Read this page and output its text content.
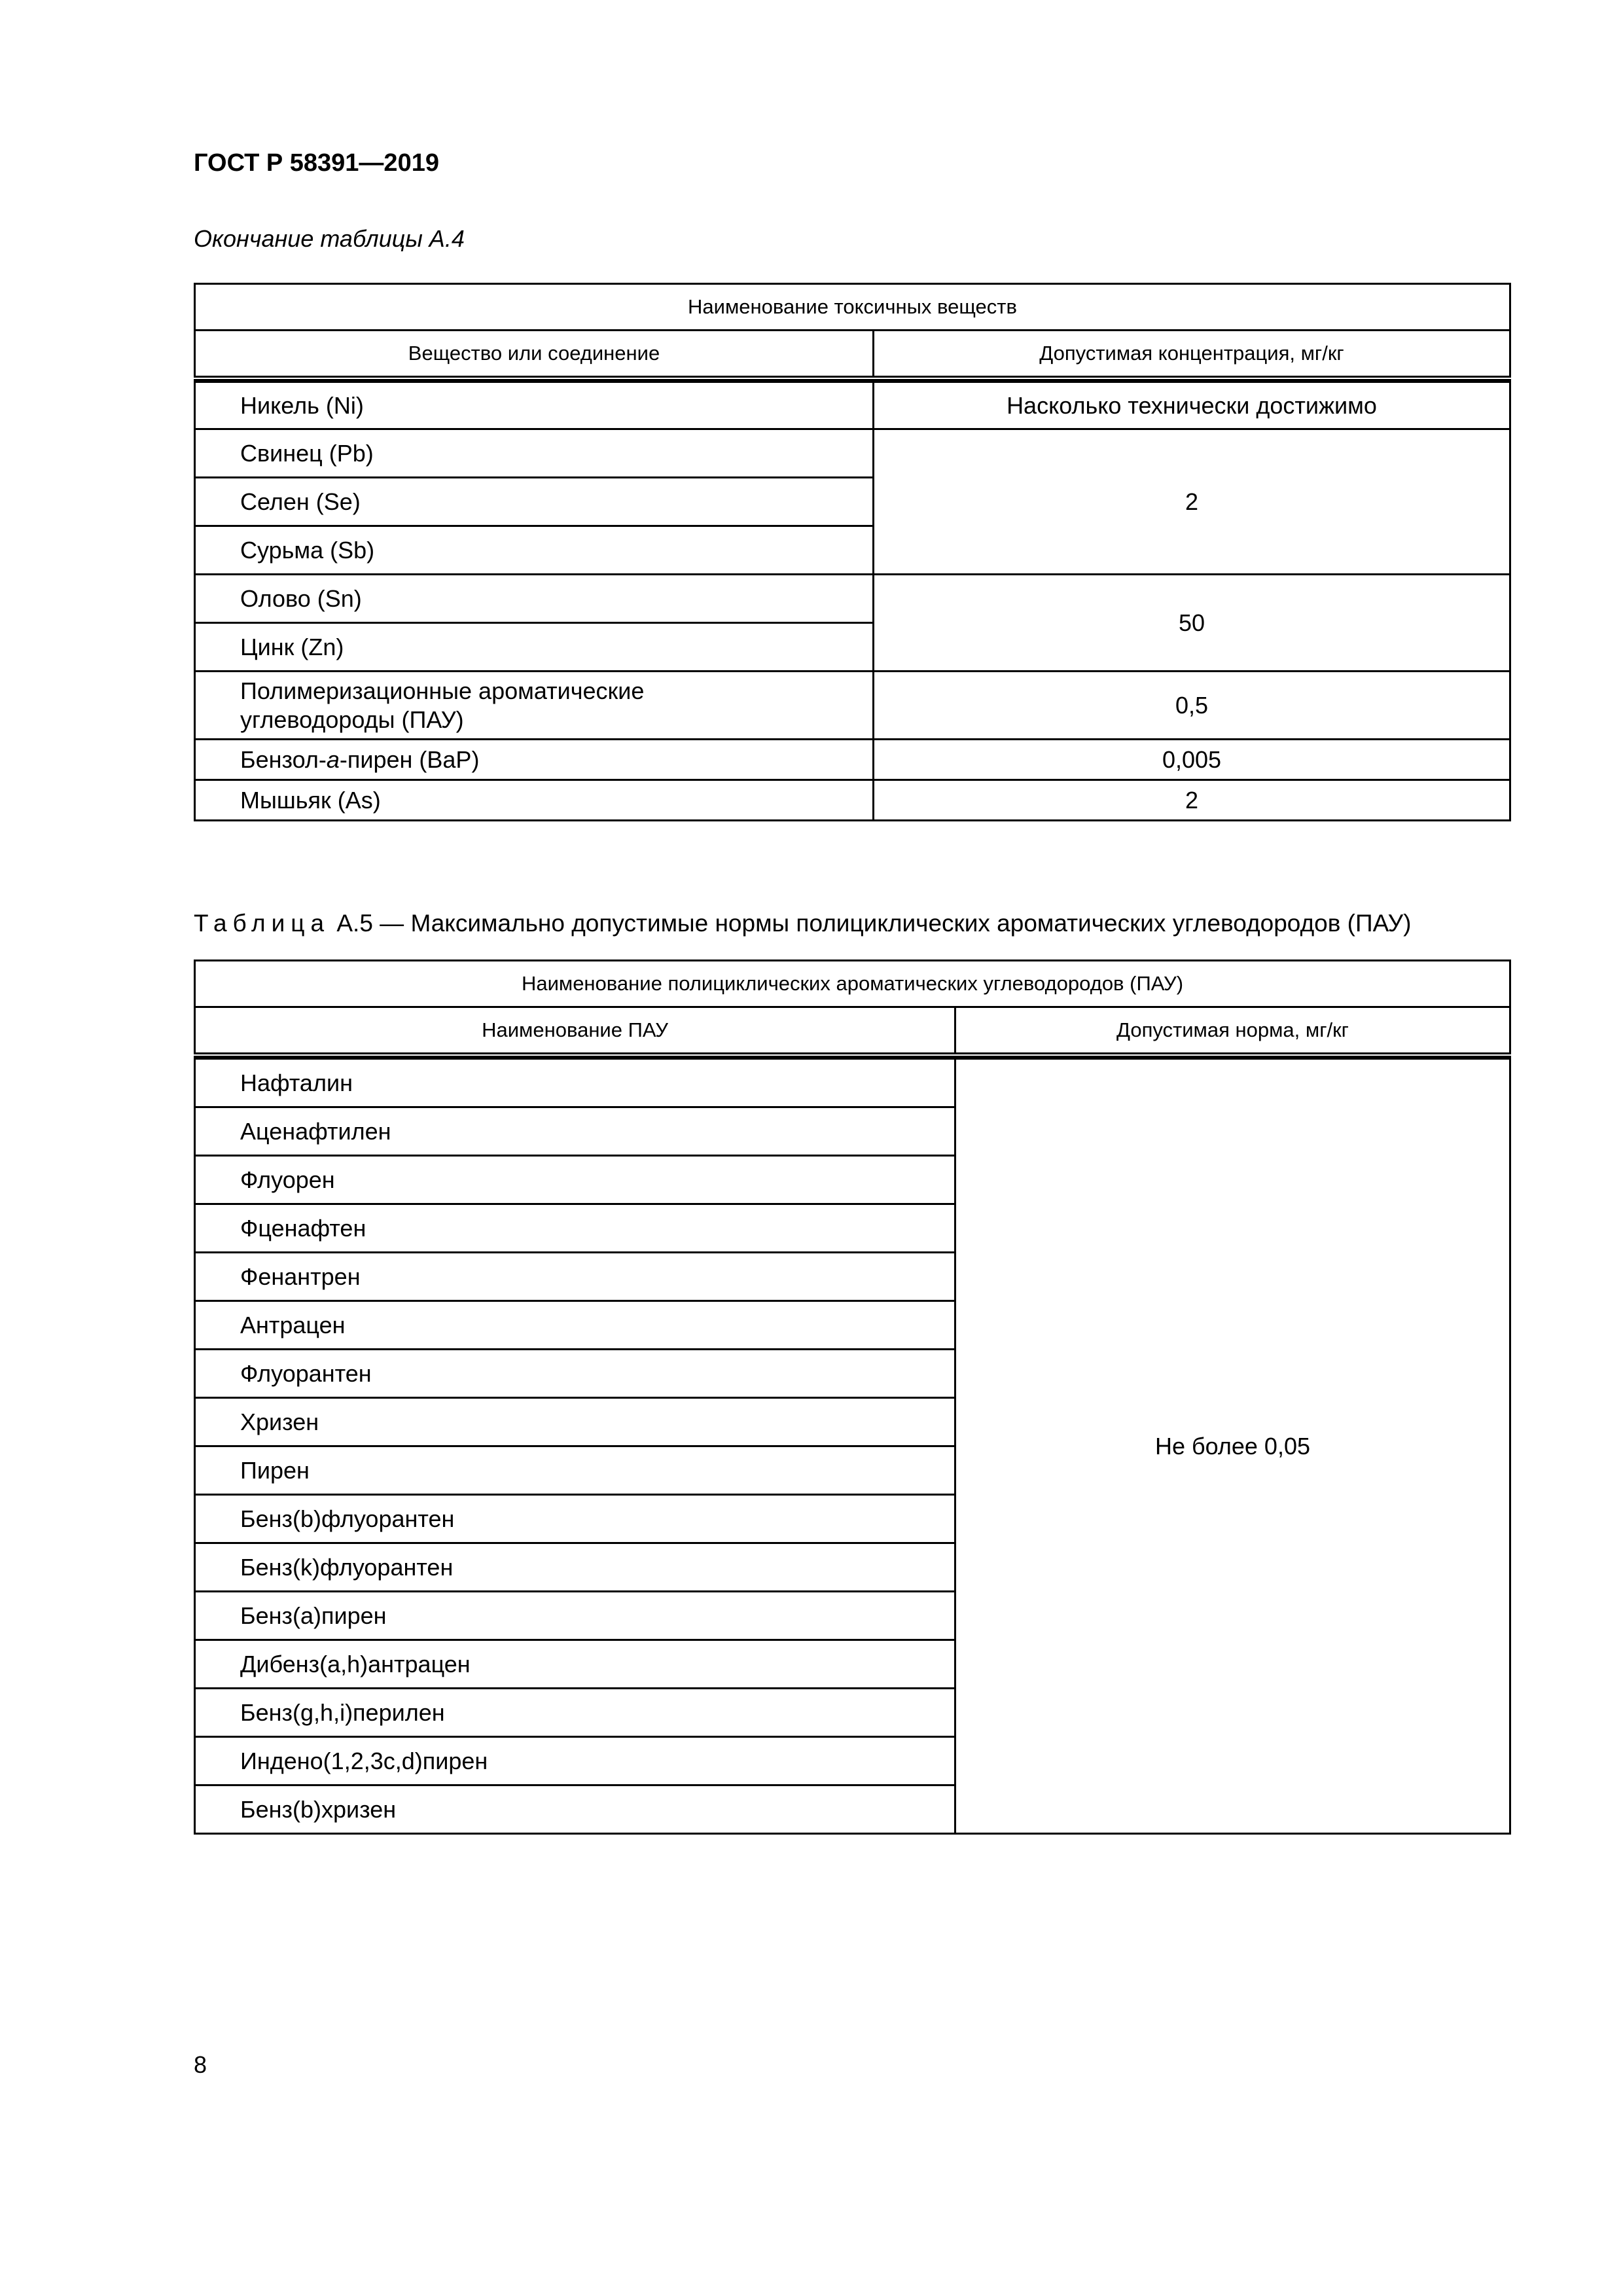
ГОСТ Р 58391—2019
Окончание таблицы А.4
Наименование токсичных веществ	
Вещество или соединение	Допустимая концентрация, мг/кг

Никель (Ni)	Насколько технически достижимо
Свинец (Pb)	2
Селен (Se)	
Сурьма (Sb)	
Олово (Sn)	50
Цинк (Zn)	
Полимеризационные ароматические
углеводороды (ПАУ)	0,5
Бензол-а-пирен (BaP)	0,005
Мышьяк (As)	2
Таблица А.5 — Максимально допустимые нормы полициклических ароматических углеводородов (ПАУ)
Наименование полициклических ароматических углеводородов (ПАУ)	
Наименование ПАУ	Допустимая норма, мг/кг

Нафталин	Не более 0,05
Аценафтилен	
Флуорен	
Фценафтен	
Фенантрен	
Антрацен	
Флуорантен	
Хризен	
Пирен	
Бенз(b)флуорантен	
Бенз(k)флуорантен	
Бенз(a)пирен	
Дибенз(a,h)антрацен	
Бенз(g,h,i)перилен	
Индено(1,2,3c,d)пирен	
Бенз(b)хризен	
8
